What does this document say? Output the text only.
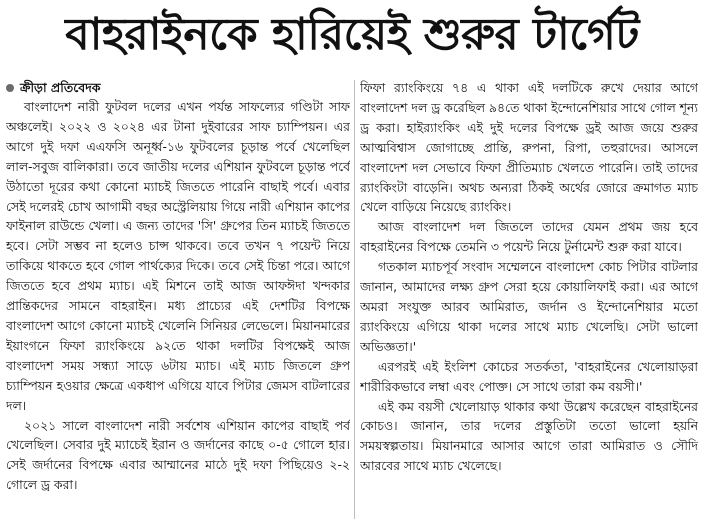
বাহরাইনকে হারিয়েই শুরুর টার্গেট
ক্রীড়া প্রতিবেদক

বাংলাদেশ নারী ফুটবল দলের এখন পর্যন্ত সাফল্যের গণ্ডিটা সাফ অঞ্চলেই। ২০২২ ও ২০২৪ এর টানা দুইবারের সাফ চ্যাম্পিয়ন। এর আগে দুই দফা এএফসি অনূর্ধ্ব-১৬ ফুটবলের চূড়ান্ত পর্বে খেলেছিল লাল-সবুজ বালিকারা। তবে জাতীয় দলের এশিয়ান ফুটবলে চূড়ান্ত পর্বে উঠাতো দূরের কথা কোনো ম্যাচই জিততে পারেনি বাছাই পর্বে। এবার সেই দলেরই চোখ আগামী বছর অস্ট্রেলিয়ায় গিয়ে নারী এশিয়ান কাপের ফাইনাল রাউন্ডে খেলা। এ জন্য তাদের 'সি' গ্রুপের তিন ম্যাচই জিততে হবে। সেটা সম্ভব না হলেও চান্স থাকবে। তবে তখন ৭ পয়েন্ট নিয়ে তাকিয়ে থাকতে হবে গোল পার্থক্যের দিকে। তবে সেই চিন্তা পরে। আগে জিততে হবে প্রথম ম্যাচ। এই মিশনে তাই আজ আফঈদা খন্দকার প্রান্তিকদের সামনে বাহরাইন। মধ্য প্রাচ্যের এই দেশটির বিপক্ষে বাংলাদেশ আগে কোনো ম্যাচই খেলেনি সিনিয়র লেভেলে। মিয়ানমারের ইয়াংগনে ফিফা র‌্যাংকিংয়ে ৯২তে থাকা দলটির বিপক্ষেই আজ বাংলাদেশ সময় সন্ধ্যা সাড়ে ৬টায় ম্যাচ। এই ম্যাচ জিতলে গ্রুপ চ্যাম্পিয়ন হওয়ার ক্ষেত্রে একধাপ এগিয়ে যাবে পিটার জেমস বাটলারের দল।

২০২১ সালে বাংলাদেশ নারী সর্বশেষ এশিয়ান কাপের বাছাই পর্ব খেলেছিল। সেবার দুই ম্যাচেই ইরান ও জর্দানের কাছে ০-৫ গোলে হার। সেই জর্দানের বিপক্ষে এবার আম্মানের মাঠে দুই দফা পিছিয়েও ২-২ গোলে ড্র করা।

ফিফা র‌্যাংকিংয়ে ৭৪ এ থাকা এই দলটিকে রুখে দেয়ার আগে বাংলাদেশ দল ড্র করেছিল ৯৪তে থাকা ইন্দোনেশিয়ার সাথে গোল শূন্য ড্র করা। হাইর‌্যাংকিং এই দুই দলের বিপক্ষে ড্রই আজ জয়ে শুরুর আত্মবিশ্বাস জোগাচ্ছে প্রান্তি, রুপনা, রিপা, তহুরাদের। আসলে বাংলাদেশ দল সেভাবে ফিফা প্রীতিম্যাচ খেলতে পারেনি। তাই তাদের র‌্যাংকিংটা বাড়েনি। অথচ অন্যরা ঠিকই অর্থের জোরে ক্রমাগত ম্যাচ খেলে বাড়িয়ে নিয়েছে র‌্যাংকিং।

আজ বাংলাদেশ দল জিতলে তাদের যেমন প্রথম জয় হবে বাহরাইনের বিপক্ষে তেমনি ৩ পয়েন্ট নিয়ে টুর্নামেন্ট শুরু করা যাবে।

গতকাল ম্যাচপূর্ব সংবাদ সম্মেলনে বাংলাদেশ কোচ পিটার বাটলার জানান, আমাদের লক্ষ্য গ্রুপ সেরা হয়ে কোয়ালিফাই করা। এর আগে অমরা সংযুক্ত আরব আমিরাত, জর্দান ও ইন্দোনেশিয়ার মতো র‌্যাংকিংয়ে এগিয়ে থাকা দলের সাথে ম্যাচ খেলেছি। সেটা ভালো অভিজ্ঞতা।'

এরপরই এই ইংলিশ কোচের সতর্কতা, 'বাহরাইনের খেলোয়াড়রা শারীরিকভাবে লম্বা এবং পোক্ত। সে সাথে তারা কম বয়সী।'

এই কম বয়সী খেলোয়াড় থাকার কথা উল্লেখ করেছেন বাহরাইনের কোচও। জানান, তার দলের প্রস্তুতিটা ততো ভালো হয়নি সময়স্বল্পতায়। মিয়ানমারে আসার আগে তারা আমিরাত ও সৌদি আরবের সাথে ম্যাচ খেলেছে।
